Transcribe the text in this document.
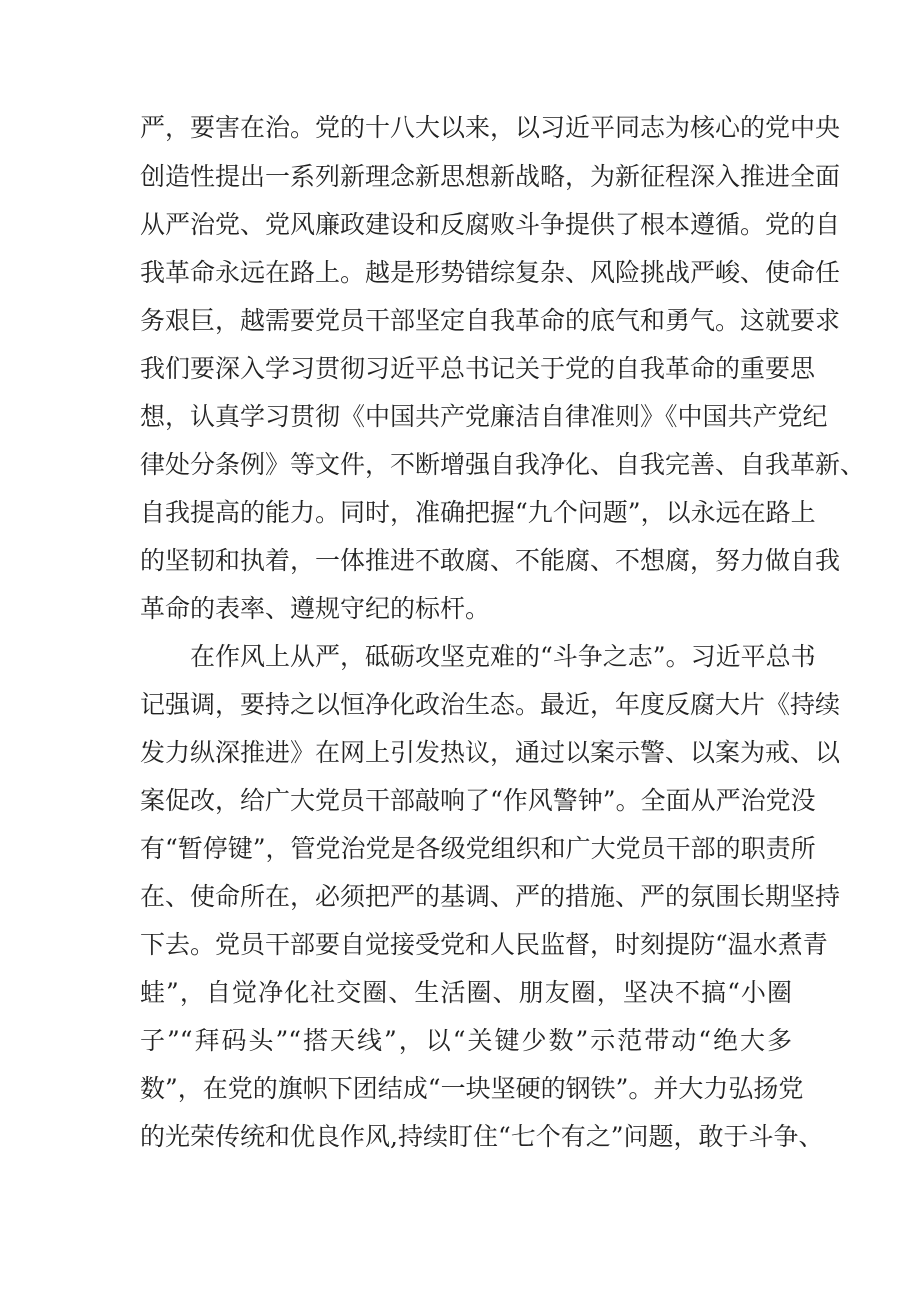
严，要害在治。党的十八大以来，以习近平同志为核心的党中央
创造性提出一系列新理念新思想新战略，为新征程深入推进全面
从严治党、党风廉政建设和反腐败斗争提供了根本遵循。党的自
我革命永远在路上。越是形势错综复杂、风险挑战严峻、使命任
务艰巨，越需要党员干部坚定自我革命的底气和勇气。这就要求
我们要深入学习贯彻习近平总书记关于党的自我革命的重要思
想，认真学习贯彻《中国共产党廉洁自律准则》《中国共产党纪
律处分条例》等文件，不断增强自我净化、自我完善、自我革新、
自我提高的能力。同时，准确把握“九个问题”，以永远在路上
的坚韧和执着，一体推进不敢腐、不能腐、不想腐，努力做自我
革命的表率、遵规守纪的标杆。
在作风上从严，砥砺攻坚克难的“斗争之志”。习近平总书
记强调，要持之以恒净化政治生态。最近，年度反腐大片《持续
发力纵深推进》在网上引发热议，通过以案示警、以案为戒、以
案促改，给广大党员干部敲响了“作风警钟”。全面从严治党没
有“暂停键”，管党治党是各级党组织和广大党员干部的职责所
在、使命所在，必须把严的基调、严的措施、严的氛围长期坚持
下去。党员干部要自觉接受党和人民监督，时刻提防“温水煮青
蛙”，自觉净化社交圈、生活圈、朋友圈，坚决不搞“小圈
子”“拜码头”“搭天线”，以“关键少数”示范带动“绝大多
数”，在党的旗帜下团结成“一块坚硬的钢铁”。并大力弘扬党
的光荣传统和优良作风,持续盯住“七个有之”问题，敢于斗争、
